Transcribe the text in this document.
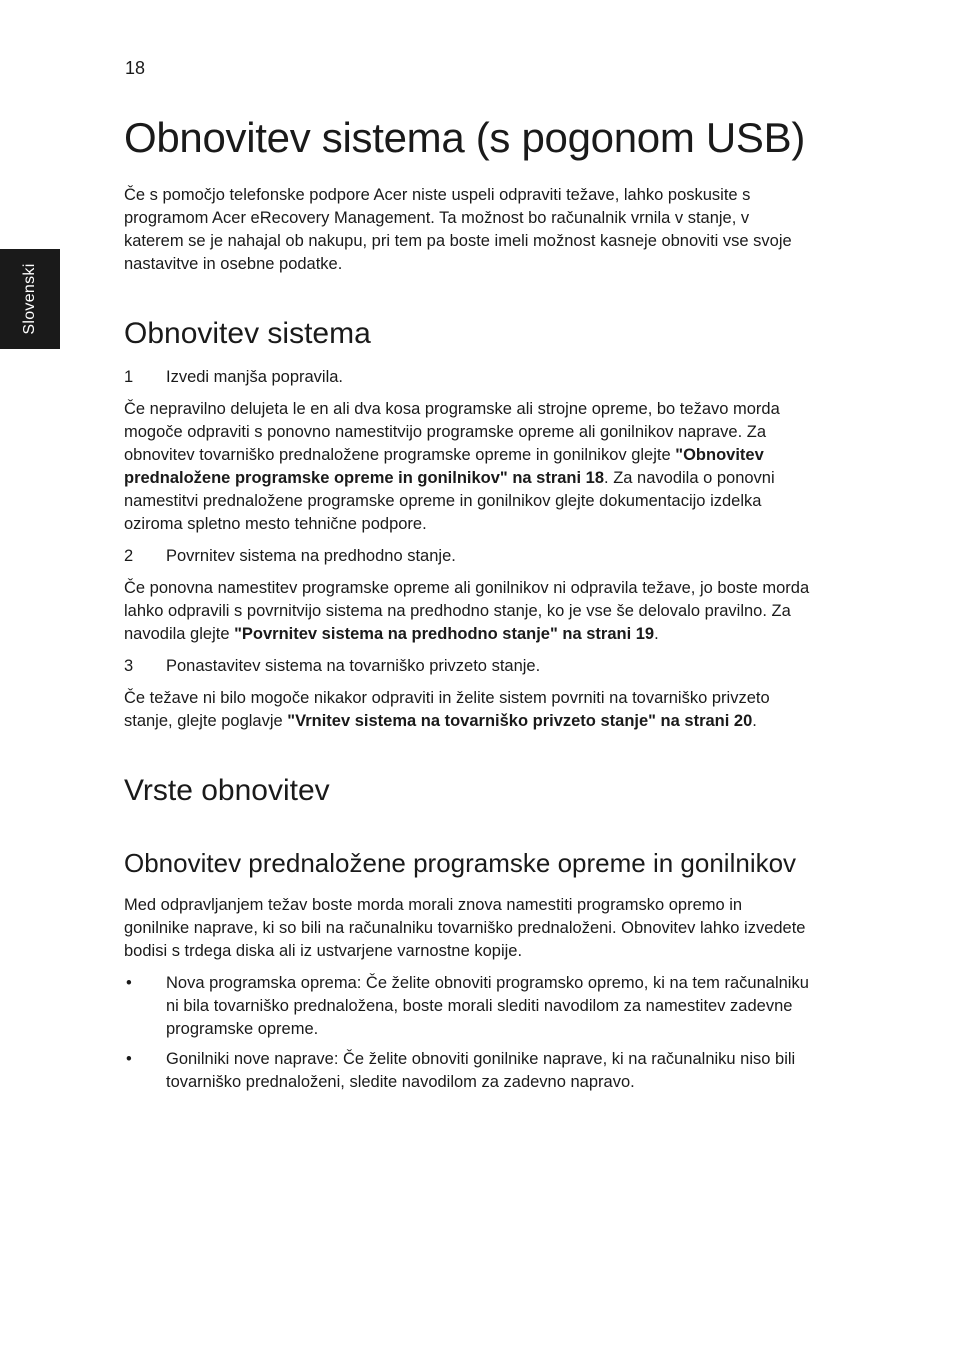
18
Slovenski
Obnovitev sistema (s pogonom USB)

Če s pomočjo telefonske podpore Acer niste uspeli odpraviti težave, lahko poskusite s programom Acer eRecovery Management. Ta možnost bo računalnik vrnila v stanje, v katerem se je nahajal ob nakupu, pri tem pa boste imeli možnost kasneje obnoviti vse svoje nastavitve in osebne podatke.

Obnovitev sistema
1	Izvedi manjša popravila.

Če nepravilno delujeta le en ali dva kosa programske ali strojne opreme, bo težavo morda mogoče odpraviti s ponovno namestitvijo programske opreme ali gonilnikov naprave. Za obnovitev tovarniško prednaložene programske opreme in gonilnikov glejte "Obnovitev prednaložene programske opreme in gonilnikov" na strani 18. Za navodila o ponovni namestitvi prednaložene programske opreme in gonilnikov glejte dokumentacijo izdelka oziroma spletno mesto tehnične podpore.

2	Povrnitev sistema na predhodno stanje.

Če ponovna namestitev programske opreme ali gonilnikov ni odpravila težave, jo boste morda lahko odpravili s povrnitvijo sistema na predhodno stanje, ko je vse še delovalo pravilno. Za navodila glejte "Povrnitev sistema na predhodno stanje" na strani 19.

3	Ponastavitev sistema na tovarniško privzeto stanje.

Če težave ni bilo mogoče nikakor odpraviti in želite sistem povrniti na tovarniško privzeto stanje, glejte poglavje "Vrnitev sistema na tovarniško privzeto stanje" na strani 20.

Vrste obnovitev
Obnovitev prednaložene programske opreme in gonilnikov

Med odpravljanjem težav boste morda morali znova namestiti programsko opremo in gonilnike naprave, ki so bili na računalniku tovarniško prednaloženi. Obnovitev lahko izvedete bodisi s trdega diska ali iz ustvarjene varnostne kopije.

•	Nova programska oprema: Če želite obnoviti programsko opremo, ki na tem računalniku ni bila tovarniško prednaložena, boste morali slediti navodilom za namestitev zadevne programske opreme.
•	Gonilniki nove naprave: Če želite obnoviti gonilnike naprave, ki na računalniku niso bili tovarniško prednaloženi, sledite navodilom za zadevno napravo.
